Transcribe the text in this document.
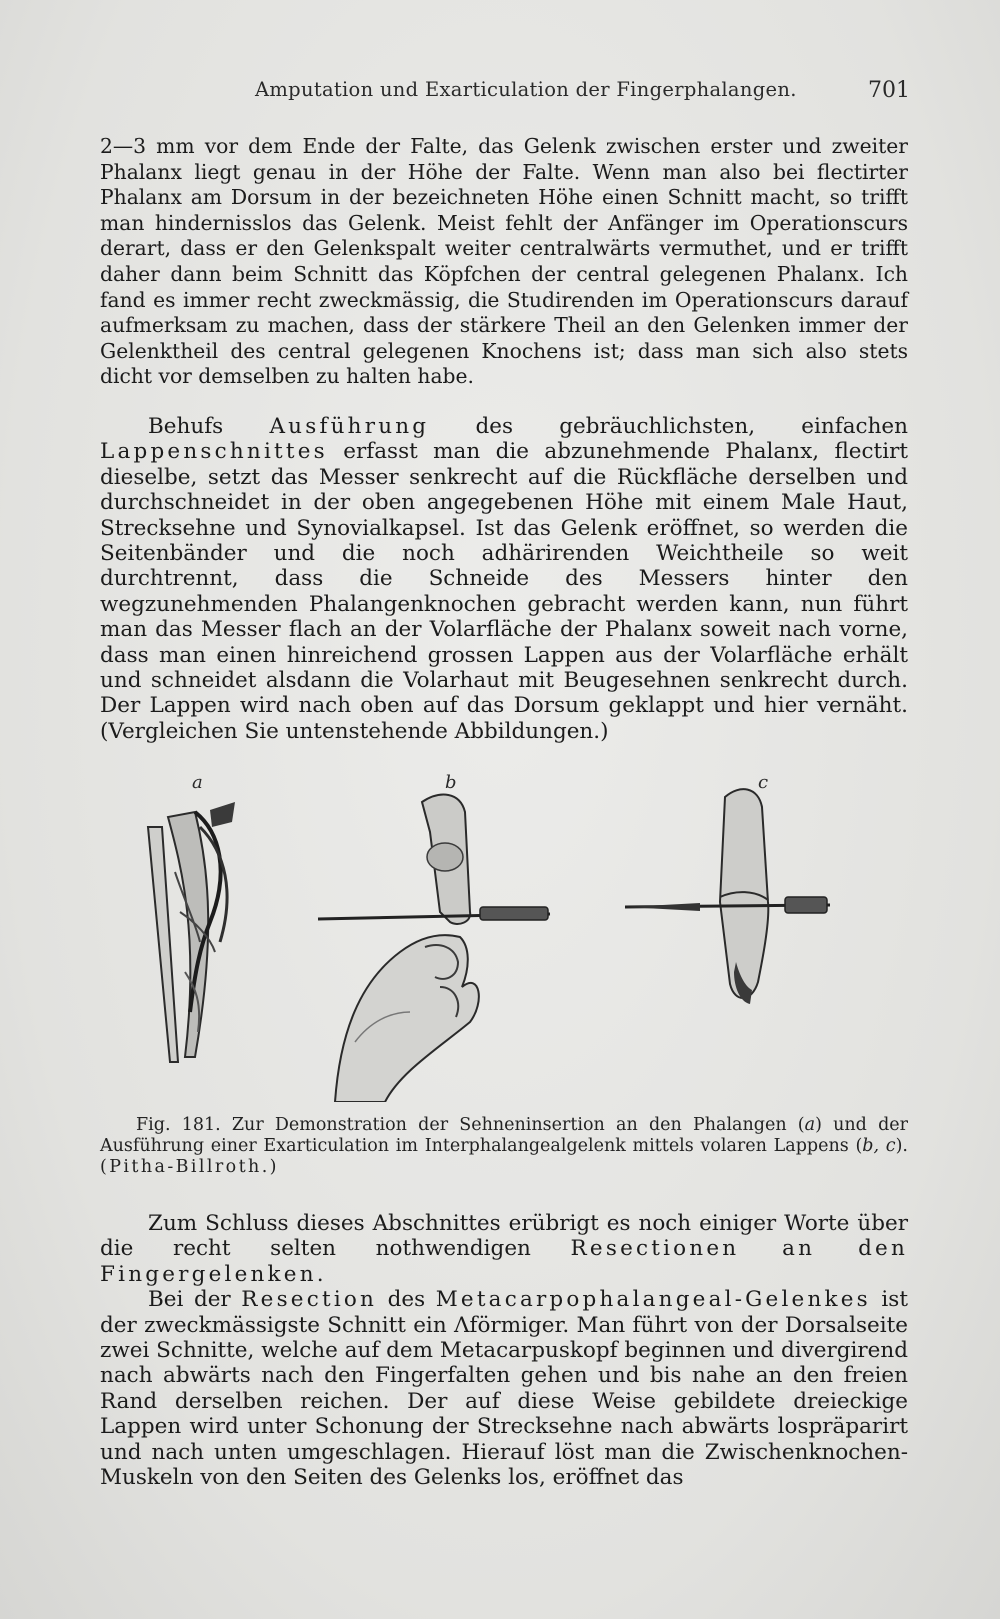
Amputation und Exarticulation der Fingerphalangen.	701

2—3 mm vor dem Ende der Falte, das Gelenk zwischen erster und zweiter Phalanx liegt genau in der Höhe der Falte. Wenn man also bei flectirter Phalanx am Dorsum in der bezeichneten Höhe einen Schnitt macht, so trifft man hindernisslos das Gelenk. Meist fehlt der Anfänger im Operationscurs derart, dass er den Gelenkspalt weiter centralwärts vermuthet, und er trifft daher dann beim Schnitt das Köpfchen der central gelegenen Phalanx. Ich fand es immer recht zweckmässig, die Studirenden im Operationscurs darauf aufmerksam zu machen, dass der stärkere Theil an den Gelenken immer der Gelenktheil des central gelegenen Knochens ist; dass man sich also stets dicht vor demselben zu halten habe.

Behufs Ausführung des gebräuchlichsten, einfachen Lappenschnittes erfasst man die abzunehmende Phalanx, flectirt dieselbe, setzt das Messer senkrecht auf die Rückfläche derselben und durchschneidet in der oben angegebenen Höhe mit einem Male Haut, Strecksehne und Synovialkapsel. Ist das Gelenk eröffnet, so werden die Seitenbänder und die noch adhärirenden Weichtheile so weit durchtrennt, dass die Schneide des Messers hinter den wegzunehmenden Phalangenknochen gebracht werden kann, nun führt man das Messer flach an der Volarfläche der Phalanx soweit nach vorne, dass man einen hinreichend grossen Lappen aus der Volarfläche erhält und schneidet alsdann die Volarhaut mit Beugesehnen senkrecht durch. Der Lappen wird nach oben auf das Dorsum geklappt und hier vernäht. (Vergleichen Sie untenstehende Abbildungen.)

a	b	c

Fig. 181. Zur Demonstration der Sehneninsertion an den Phalangen (a) und der Ausführung einer Exarticulation im Interphalangealgelenk mittels volaren Lappens (b, c). (Pitha-Billroth.)

Zum Schluss dieses Abschnittes erübrigt es noch einiger Worte über die recht selten nothwendigen Resectionen an den Fingergelenken.

Bei der Resection des Metacarpophalangeal-Gelenkes ist der zweckmässigste Schnitt ein Λförmiger. Man führt von der Dorsalseite zwei Schnitte, welche auf dem Metacarpuskopf beginnen und divergirend nach abwärts nach den Fingerfalten gehen und bis nahe an den freien Rand derselben reichen. Der auf diese Weise gebildete dreieckige Lappen wird unter Schonung der Strecksehne nach abwärts lospräparirt und nach unten umgeschlagen. Hierauf löst man die Zwischenknochen-Muskeln von den Seiten des Gelenks los, eröffnet das
